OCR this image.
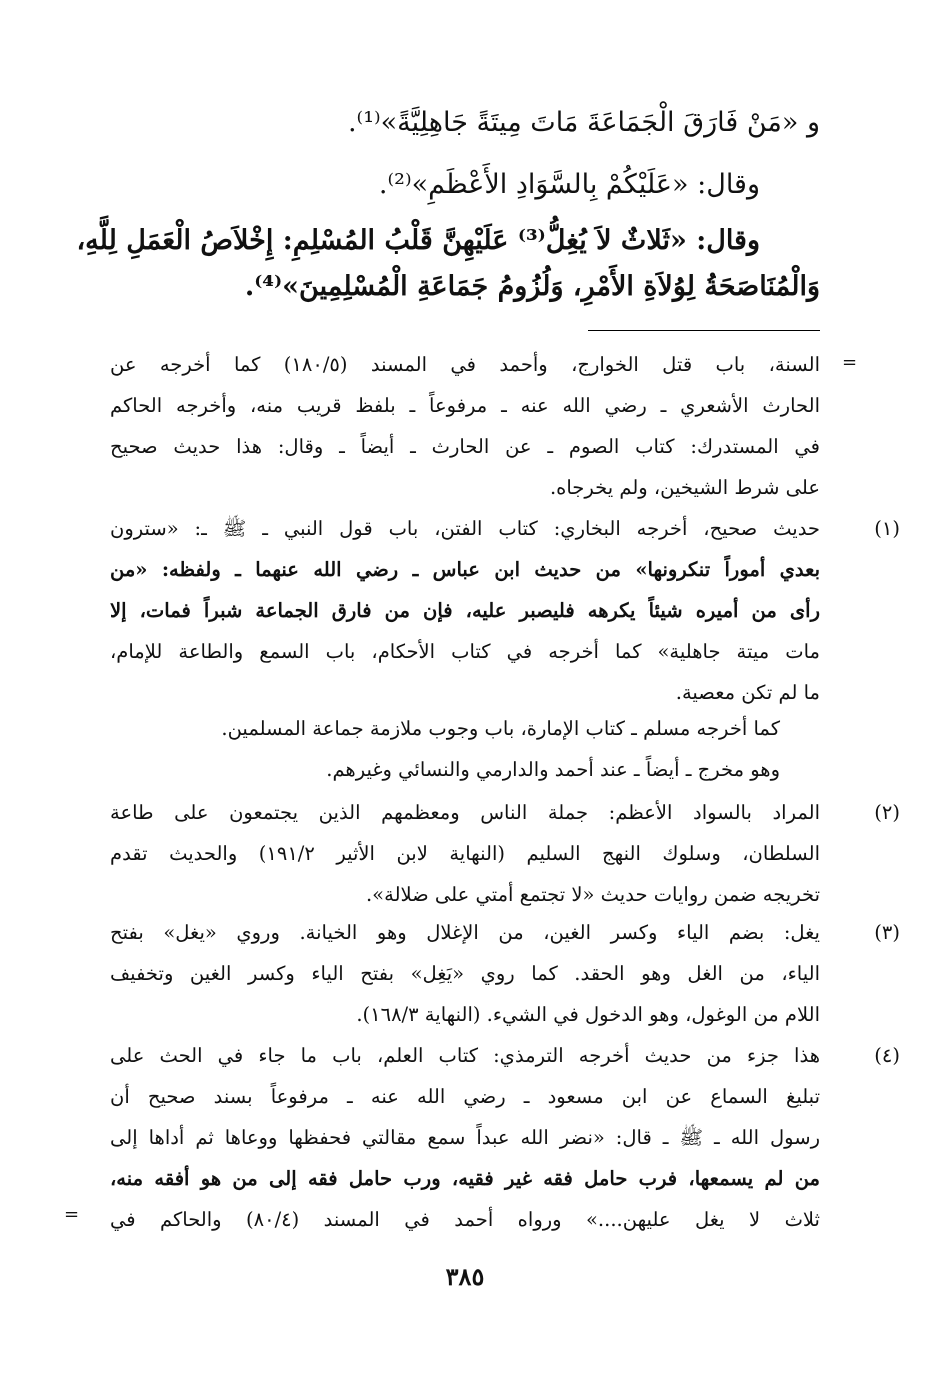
و «مَنْ فَارَقَ الْجَمَاعَةَ مَاتَ مِيتَةً جَاهِلِيَّةً»⁽¹⁾.
وقال: «عَلَيْكُمْ بِالسَّوَادِ الأَعْظَمِ»⁽²⁾.
وقال: «ثَلاثٌ لاَ يُغِلُّ⁽³⁾ عَلَيْهِنَّ قَلْبُ المُسْلِمِ: إِخْلاَصُ الْعَمَلِ لِلَّهِ،
وَالْمُنَاصَحَةُ لِوُلاَةِ الأَمْرِ، وَلُزُومُ جَمَاعَةِ الْمُسْلِمِينَ»⁽⁴⁾.
=
السنة، باب قتل الخوارج، وأحمد في المسند (١٨٠/٥) كما أخرجه عن
الحارث الأشعري ـ رضي الله عنه ـ مرفوعاً ـ بلفظ قريب منه، وأخرجه الحاكم
في المستدرك: كتاب الصوم ـ عن الحارث ـ أيضاً ـ وقال: هذا حديث صحيح
على شرط الشيخين، ولم يخرجاه.
(١)
حديث صحيح، أخرجه البخاري: كتاب الفتن، باب قول النبي ـ ﷺ ـ: «سترون
بعدي أموراً تنكرونها» من حديث ابن عباس ـ رضي الله عنهما ـ ولفظه: «من
رأى من أميره شيئاً يكرهه فليصبر عليه، فإن من فارق الجماعة شبراً فمات، إلا
مات ميتة جاهلية» كما أخرجه في كتاب الأحكام، باب السمع والطاعة للإمام،
ما لم تكن معصية.
كما أخرجه مسلم ـ كتاب الإمارة، باب وجوب ملازمة جماعة المسلمين.
وهو مخرج ـ أيضاً ـ عند أحمد والدارمي والنسائي وغيرهم.
(٢)
المراد بالسواد الأعظم: جملة الناس ومعظمهم الذين يجتمعون على طاعة
السلطان، وسلوك النهج السليم (النهاية لابن الأثير ١٩١/٢) والحديث تقدم
تخريجه ضمن روايات حديث «لا تجتمع أمتي على ضلالة».
(٣)
يغل: بضم الياء وكسر الغين، من الإغلال وهو الخيانة. وروي «يغل» بفتح
الياء، من الغل وهو الحقد. كما روي «يَغِل» بفتح الياء وكسر الغين وتخفيف
اللام من الوغول، وهو الدخول في الشيء. (النهاية ١٦٨/٣).
(٤)
هذا جزء من حديث أخرجه الترمذي: كتاب العلم، باب ما جاء في الحث على
تبليغ السماع عن ابن مسعود ـ رضي الله عنه ـ مرفوعاً بسند صحيح أن
رسول الله ـ ﷺ ـ قال: «نضر الله عبداً سمع مقالتي فحفظها ووعاها ثم أداها إلى
من لم يسمعها، فرب حامل فقه غير فقيه، ورب حامل فقه إلى من هو أفقه منه،
ثلاث لا يغل عليهن....» ورواه أحمد في المسند (٨٠/٤) والحاكم في
=
٣٨٥
